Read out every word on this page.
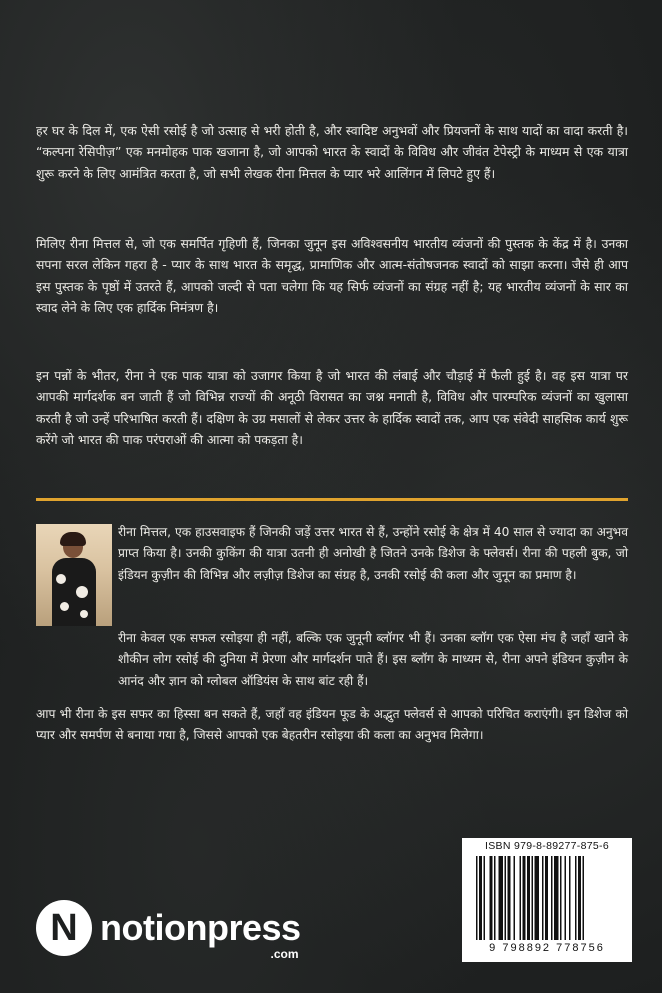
हर घर के दिल में, एक ऐसी रसोई है जो उत्साह से भरी होती है, और स्वादिष्ट अनुभवों और प्रियजनों के साथ यादों का वादा करती है। “कल्पना रेसिपीज़” एक मनमोहक पाक खजाना है, जो आपको भारत के स्वादों के विविध और जीवंत टेपेस्ट्री के माध्यम से एक यात्रा शुरू करने के लिए आमंत्रित करता है, जो सभी लेखक रीना मित्तल के प्यार भरे आलिंगन में लिपटे हुए हैं।

मिलिए रीना मित्तल से, जो एक समर्पित गृहिणी हैं, जिनका जुनून इस अविश्वसनीय भारतीय व्यंजनों की पुस्तक के केंद्र में है। उनका सपना सरल लेकिन गहरा है - प्यार के साथ भारत के समृद्ध, प्रामाणिक और आत्म-संतोषजनक स्वादों को साझा करना। जैसे ही आप इस पुस्तक के पृष्ठों में उतरते हैं, आपको जल्दी से पता चलेगा कि यह सिर्फ व्यंजनों का संग्रह नहीं है; यह भारतीय व्यंजनों के सार का स्वाद लेने के लिए एक हार्दिक निमंत्रण है।

इन पन्नों के भीतर, रीना ने एक पाक यात्रा को उजागर किया है जो भारत की लंबाई और चौड़ाई में फैली हुई है। वह इस यात्रा पर आपकी मार्गदर्शक बन जाती हैं जो विभिन्न राज्यों की अनूठी विरासत का जश्न मनाती है, विविध और पारम्परिक व्यंजनों का खुलासा करती है जो उन्हें परिभाषित करती हैं। दक्षिण के उग्र मसालों से लेकर उत्तर के हार्दिक स्वादों तक, आप एक संवेदी साहसिक कार्य शुरू करेंगे जो भारत की पाक परंपराओं की आत्मा को पकड़ता है।

रीना मित्तल, एक हाउसवाइफ हैं जिनकी जड़ें उत्तर भारत से हैं, उन्होंने रसोई के क्षेत्र में 40 साल से ज्यादा का अनुभव प्राप्त किया है। उनकी कुकिंग की यात्रा उतनी ही अनोखी है जितने उनके डिशेज के फ्लेवर्स। रीना की पहली बुक, जो इंडियन कुज़ीन की विभिन्न और लज़ीज़ डिशेज का संग्रह है, उनकी रसोई की कला और जुनून का प्रमाण है।

रीना केवल एक सफल रसोइया ही नहीं, बल्कि एक जुनूनी ब्लॉगर भी हैं। उनका ब्लॉग एक ऐसा मंच है जहाँ खाने के शौकीन लोग रसोई की दुनिया में प्रेरणा और मार्गदर्शन पाते हैं। इस ब्लॉग के माध्यम से, रीना अपने इंडियन कुज़ीन के आनंद और ज्ञान को ग्लोबल ऑडियंस के साथ बांट रही हैं।

आप भी रीना के इस सफर का हिस्सा बन सकते हैं, जहाँ वह इंडियन फूड के अद्भुत फ्लेवर्स से आपको परिचित कराएंगी। इन डिशेज को प्यार और समर्पण से बनाया गया है, जिससे आपको एक बेहतरीन रसोइया की कला का अनुभव मिलेगा।

ISBN 979-8-89277-875-6
9 798892 778756
N notionpress
.com
